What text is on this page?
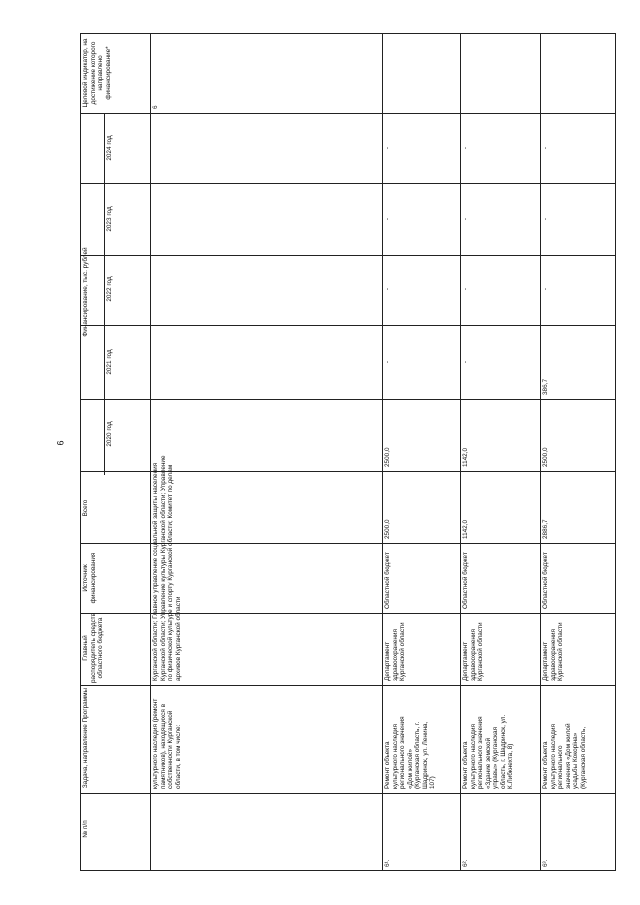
6
№ п/п
Задача, направление Программы
Главный распорядитель средств областного бюджета
Источник финансирования
Всего
Финансирование, тыс. рублей
2020 год
2021 год
2022 год
2023 год
2024 год
Целевой индикатор, на достижение которого направлено финансирование*
культурного наследия (ремонт памятников), находящихся в собственности Курганской области, в том числе:
Курганской области; Главное управление социальной защиты населения Курганской области; Управление культуры Курганской области; Управление по физической культуре и спорту Курганской области; Комитет по делам архивов Курганской области
6
6¹.
Ремонт объекта культурного наследия регионального значения «Дом жилой» (Курганская область, г. Шадринск, ул. Ленина, 107)
Департамент здравоохранения Курганской области
Областной бюджет
2500,0
2500,0
-
-
-
-
6².
Ремонт объекта культурного наследия регионального значения «Здание земской управы» (Курганская область, г. Шадринск, ул. К.Либкнехта, 8)
Департамент здравоохранения Курганской области
Областной бюджет
1142,0
1142,0
-
-
-
-
6³.
Ремонт объекта культурного наследия регионального значения «Дом жилой усадьбы Кокоріна» (Курганская область,
Департамент здравоохранения Курганской области
Областной бюджет
2886,7
2500,0
386,7
-
-
-
